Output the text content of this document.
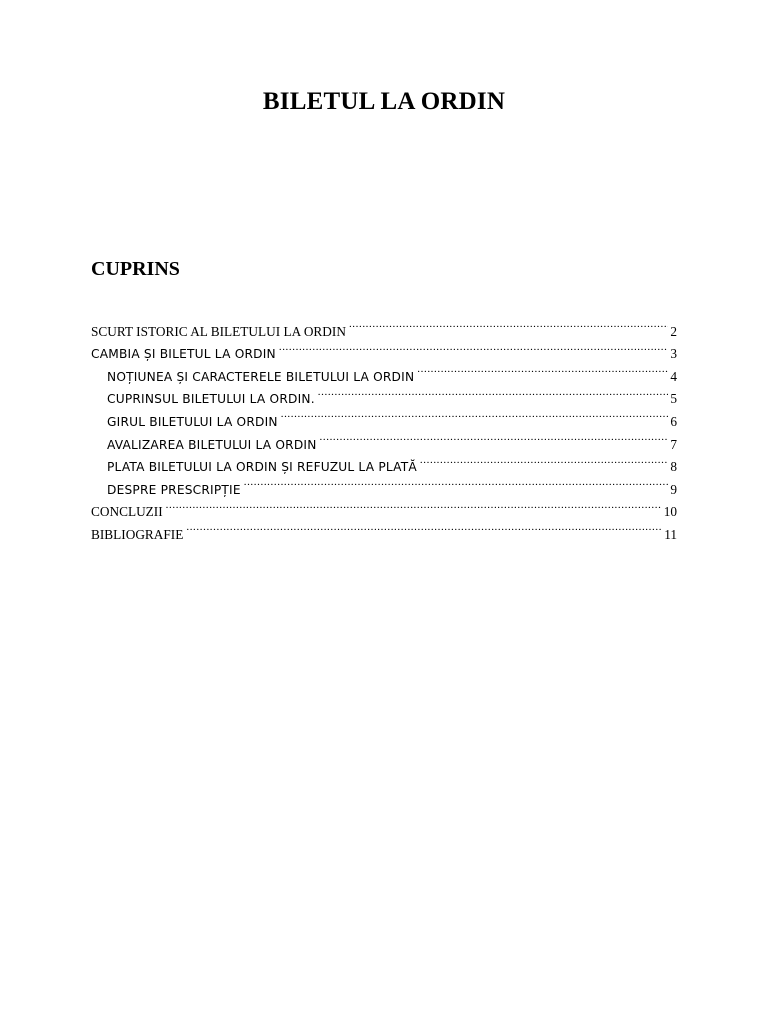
BILETUL LA ORDIN
CUPRINS
SCURT ISTORIC AL BILETULUI LA ORDIN .....	2
CAMBIA ȘI BILETUL LA ORDIN .....	3
NOȚIUNEA ȘI CARACTERELE BILETULUI LA ORDIN .....	4
CUPRINSUL BILETULUI LA ORDIN. .....	5
GIRUL BILETULUI LA ORDIN .....	6
AVALIZAREA BILETULUI LA ORDIN .....	7
PLATA BILETULUI LA ORDIN ȘI REFUZUL LA PLATĂ .....	8
DESPRE PRESCRIPȚIE .....	9
CONCLUZII .....	10
BIBLIOGRAFIE .....	11
